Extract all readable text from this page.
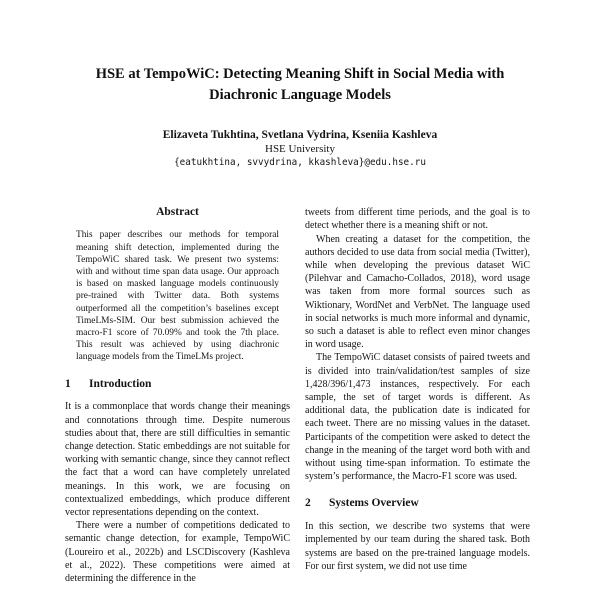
HSE at TempoWiC: Detecting Meaning Shift in Social Media with
Diachronic Language Models
Elizaveta Tukhtina, Svetlana Vydrina, Kseniia Kashleva
HSE University
{eatukhtina, svvydrina, kkashleva}@edu.hse.ru
Abstract

This paper describes our methods for temporal meaning shift detection, implemented during the TempoWiC shared task. We present two systems: with and without time span data usage. Our approach is based on masked language models continuously pre-trained with Twitter data. Both systems outperformed all the competition’s baselines except TimeLMs-SIM. Our best submission achieved the macro-F1 score of 70.09% and took the 7th place. This result was achieved by using diachronic language models from the TimeLMs project.

1 Introduction

It is a commonplace that words change their meanings and connotations through time. Despite numerous studies about that, there are still difficulties in semantic change detection. Static embeddings are not suitable for working with semantic change, since they cannot reflect the fact that a word can have completely unrelated meanings. In this work, we are focusing on contextualized embeddings, which produce different vector representations depending on the context.

There were a number of competitions dedicated to semantic change detection, for example, TempoWiC (Loureiro et al., 2022b) and LSCDiscovery (Kashleva et al., 2022). These competitions were aimed at determining the difference in the

tweets from different time periods, and the goal is to detect whether there is a meaning shift or not.

When creating a dataset for the competition, the authors decided to use data from social media (Twitter), while when developing the previous dataset WiC (Pilehvar and Camacho-Collados, 2018), word usage was taken from more formal sources such as Wiktionary, WordNet and VerbNet. The language used in social networks is much more informal and dynamic, so such a dataset is able to reflect even minor changes in word usage.

The TempoWiC dataset consists of paired tweets and is divided into train/validation/test samples of size 1,428/396/1,473 instances, respectively. For each sample, the set of target words is different. As additional data, the publication date is indicated for each tweet. There are no missing values in the dataset. Participants of the competition were asked to detect the change in the meaning of the target word both with and without using time-span information. To estimate the system’s performance, the Macro-F1 score was used.

2 Systems Overview

In this section, we describe two systems that were implemented by our team during the shared task. Both systems are based on the pre-trained language models. For our first system, we did not use time
